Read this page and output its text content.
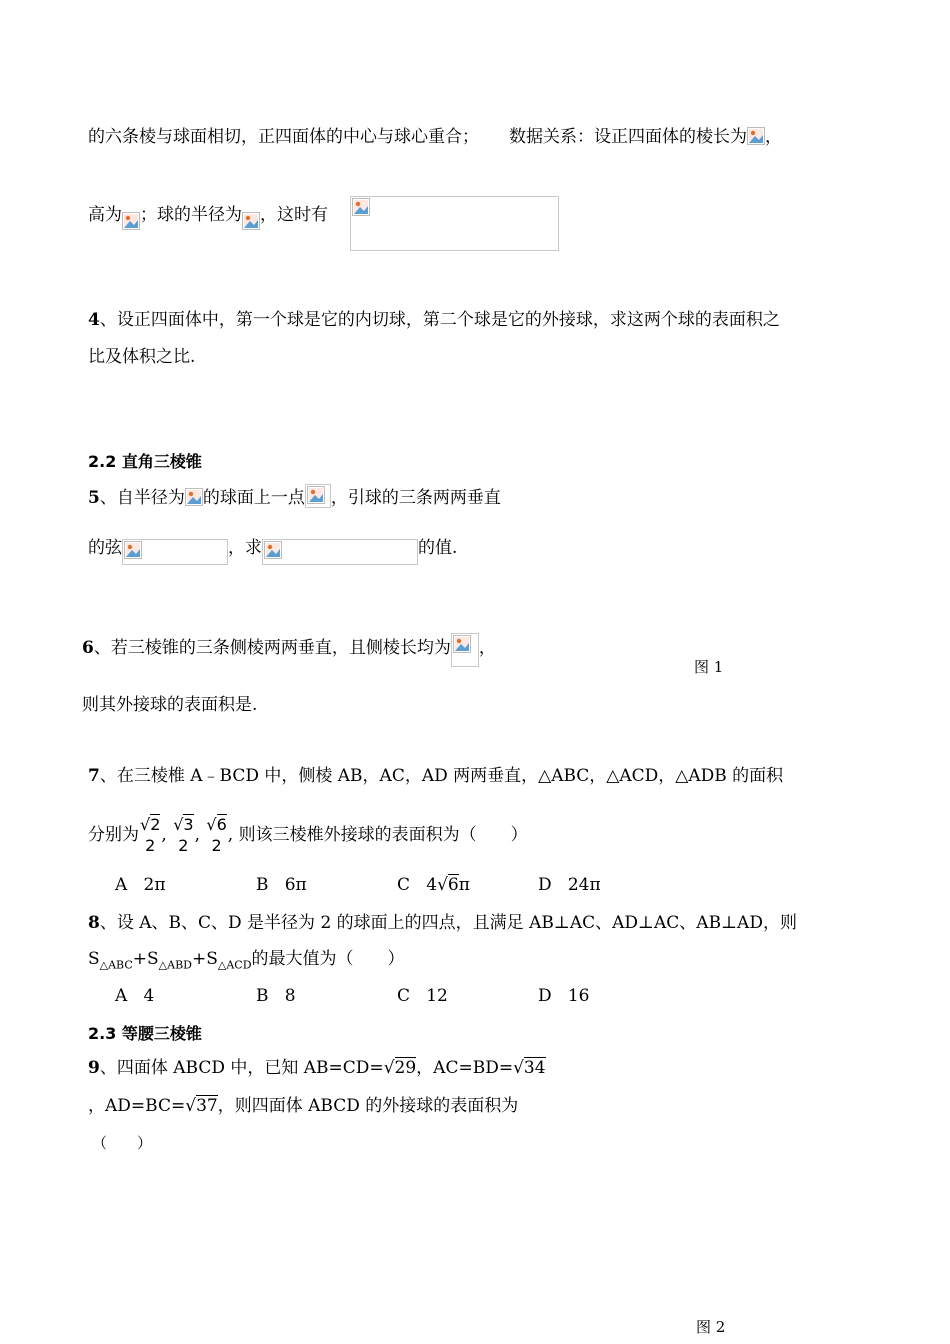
的六条棱与球面相切，正四面体的中心与球心重合； 数据关系：设正四面体的棱长为 ，
高为 ；球的半径为 ，这时有
4、设正四面体中，第一个球是它的内切球，第二个球是它的外接球，求这两个球的表面积之
比及体积之比.
2.2 直角三棱锥
5、自半径为 的球面上一点 ，引球的三条两两垂直
的弦	，求	的值.
6、若三棱锥的三条侧棱两两垂直，且侧棱长均为 ，
图 1
则其外接球的表面积是.
7、在三棱椎 A﹣BCD 中，侧棱 AB，AC，AD 两两垂直，△ABC，△ACD，△ADB 的面积
分别为
√2
2
,
√3
2
,
√6
2
, 则该三棱椎外接球的表面积为（　　）
A 2π	B 6π	C 4√6π	D 24π
8、设 A、B、C、D 是半径为 2 的球面上的四点，且满足 AB⊥AC、AD⊥AC、AB⊥AD，则
$S_{\triangle ABC}+S_{\triangle ABD}+S_{\triangle ACD}$的最大值为（　　）
A 4	B 8	C 12	D 16
2.3 等腰三棱锥
9、四面体 ABCD 中，已知 AB=CD=√29，AC=BD=√34
，AD=BC=√37，则四面体 ABCD 的外接球的表面积为
（　　）
图 2
